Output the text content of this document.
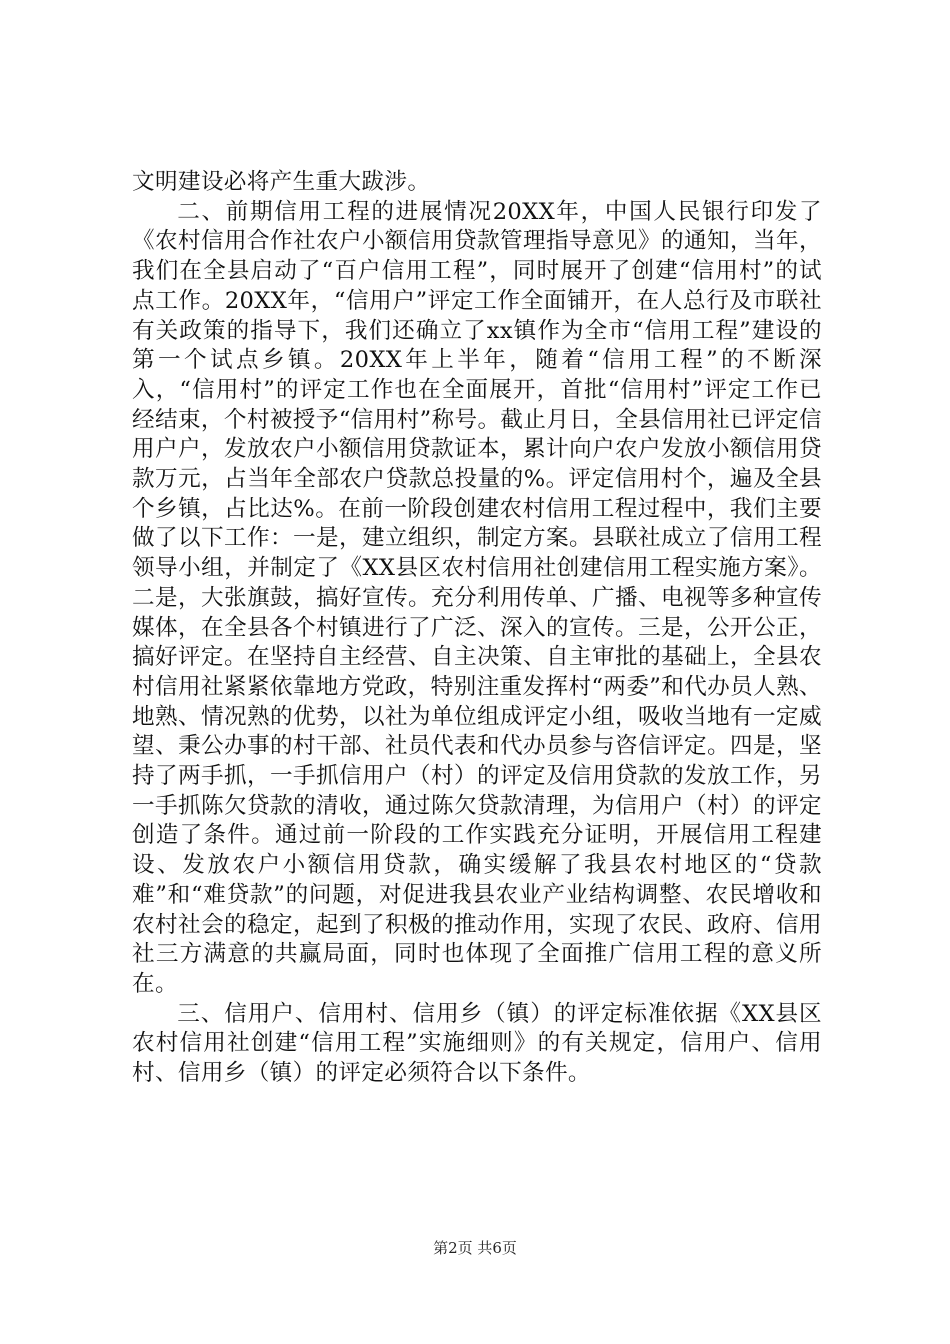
文明建设必将产生重大跋涉。

二、前期信用工程的进展情况20XX年，中国人民银行印发了《农村信用合作社农户小额信用贷款管理指导意见》的通知，当年，我们在全县启动了“百户信用工程”，同时展开了创建“信用村”的试点工作。20XX年，“信用户”评定工作全面铺开，在人总行及市联社有关政策的指导下，我们还确立了xx镇作为全市“信用工程”建设的第一个试点乡镇。20XX年上半年，随着“信用工程”的不断深入，“信用村”的评定工作也在全面展开，首批“信用村”评定工作已经结束，个村被授予“信用村”称号。截止月日，全县信用社已评定信用户户，发放农户小额信用贷款证本，累计向户农户发放小额信用贷款万元，占当年全部农户贷款总投量的%。评定信用村个，遍及全县个乡镇，占比达%。在前一阶段创建农村信用工程过程中，我们主要做了以下工作：一是，建立组织，制定方案。县联社成立了信用工程领导小组，并制定了《XX县区农村信用社创建信用工程实施方案》。二是，大张旗鼓，搞好宣传。充分利用传单、广播、电视等多种宣传媒体，在全县各个村镇进行了广泛、深入的宣传。三是，公开公正，搞好评定。在坚持自主经营、自主决策、自主审批的基础上，全县农村信用社紧紧依靠地方党政，特别注重发挥村“两委”和代办员人熟、地熟、情况熟的优势，以社为单位组成评定小组，吸收当地有一定威望、秉公办事的村干部、社员代表和代办员参与咨信评定。四是，坚持了两手抓，一手抓信用户（村）的评定及信用贷款的发放工作，另一手抓陈欠贷款的清收，通过陈欠贷款清理，为信用户（村）的评定创造了条件。通过前一阶段的工作实践充分证明，开展信用工程建设、发放农户小额信用贷款，确实缓解了我县农村地区的“贷款难”和“难贷款”的问题，对促进我县农业产业结构调整、农民增收和农村社会的稳定，起到了积极的推动作用，实现了农民、政府、信用社三方满意的共赢局面，同时也体现了全面推广信用工程的意义所在。

三、信用户、信用村、信用乡（镇）的评定标准依据《XX县区农村信用社创建“信用工程”实施细则》的有关规定，信用户、信用村、信用乡（镇）的评定必须符合以下条件。

第2页 共6页
